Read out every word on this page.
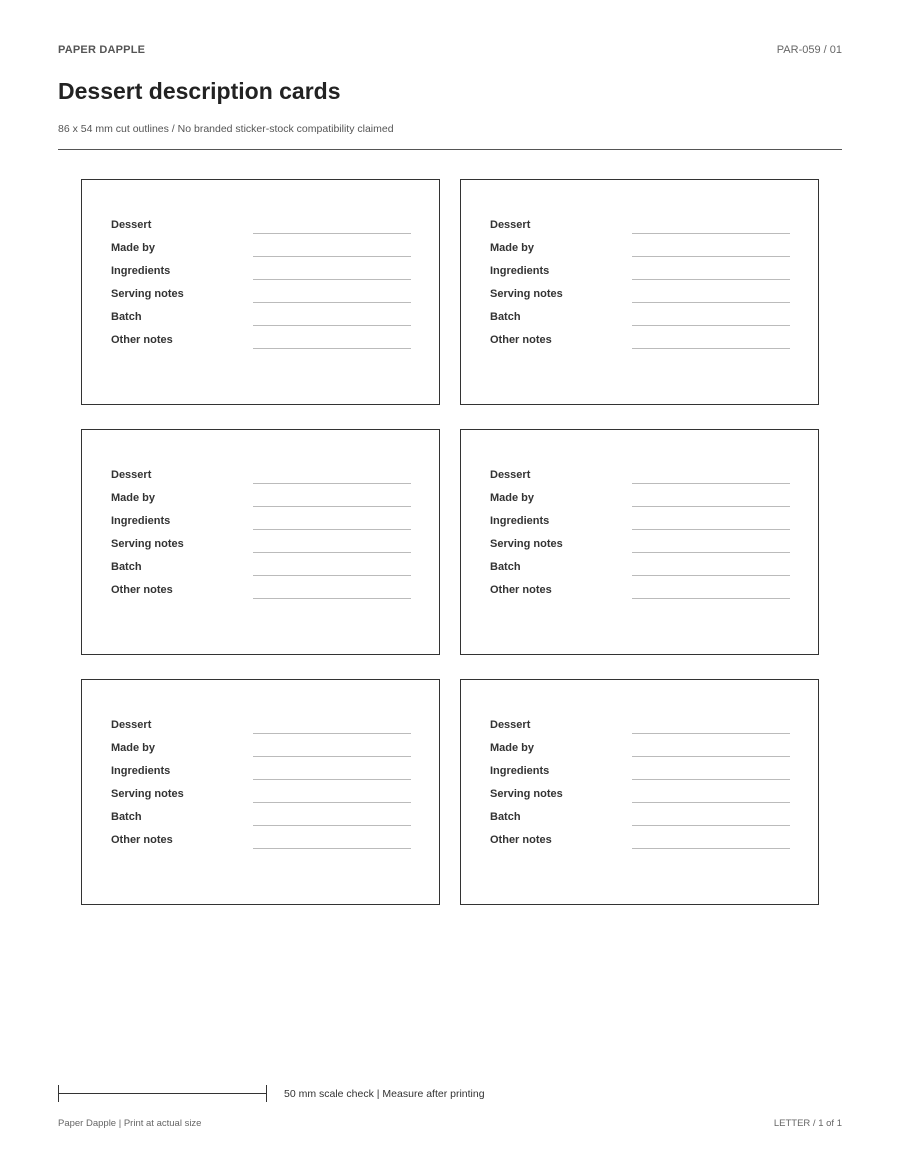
PAPER DAPPLE	PAR-059 / 01
Dessert description cards
86 x 54 mm cut outlines / No branded sticker-stock compatibility claimed
Dessert
Made by
Ingredients
Serving notes
Batch
Other notes
Dessert
Made by
Ingredients
Serving notes
Batch
Other notes
Dessert
Made by
Ingredients
Serving notes
Batch
Other notes
Dessert
Made by
Ingredients
Serving notes
Batch
Other notes
Dessert
Made by
Ingredients
Serving notes
Batch
Other notes
Dessert
Made by
Ingredients
Serving notes
Batch
Other notes
50 mm scale check | Measure after printing
Paper Dapple | Print at actual size	LETTER / 1 of 1
